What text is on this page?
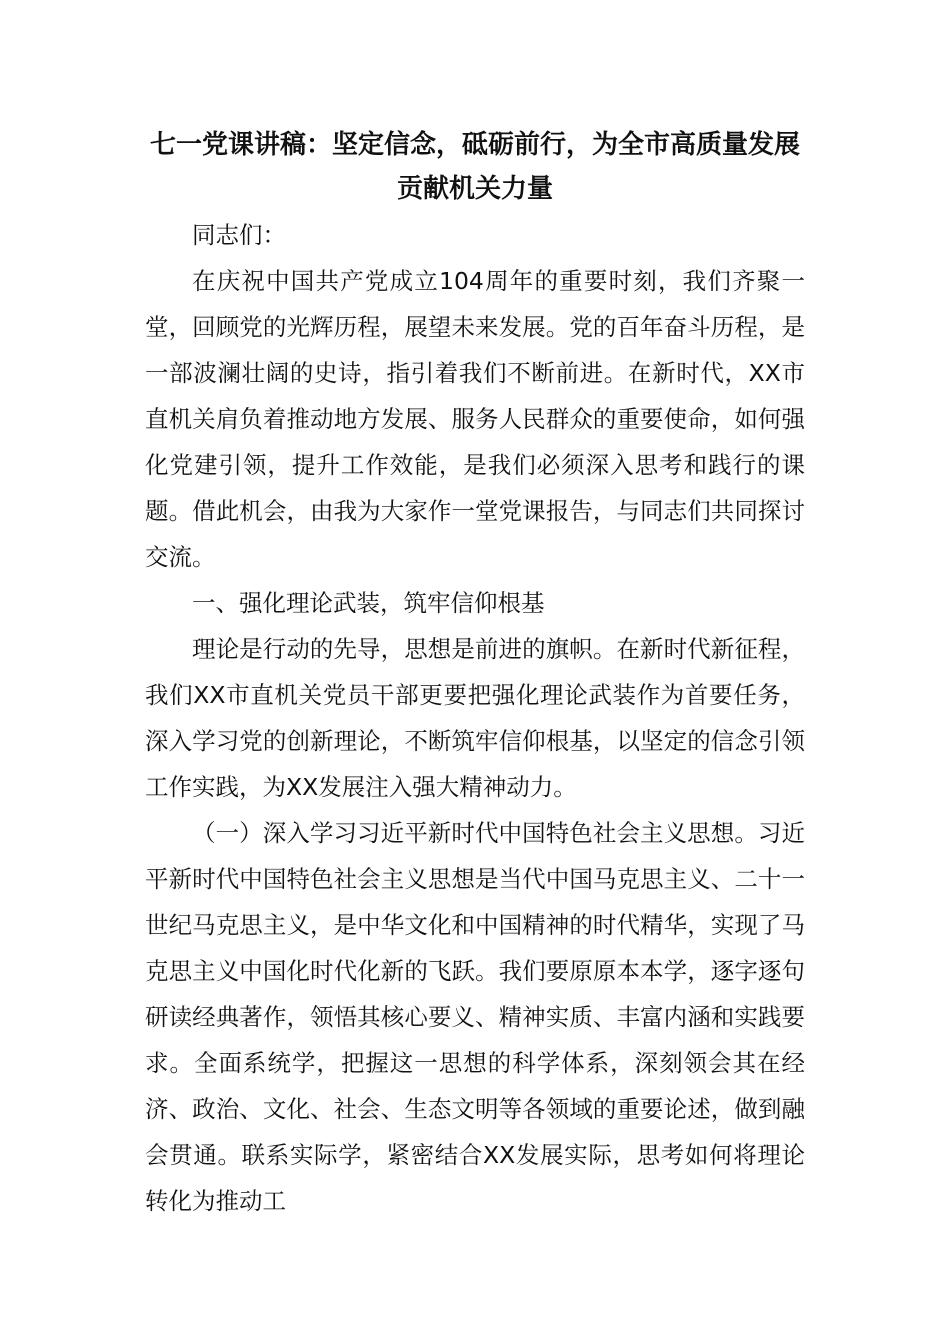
七一党课讲稿：坚定信念，砥砺前行，为全市高质量发展
贡献机关力量

同志们：

在庆祝中国共产党成立104周年的重要时刻，我们齐聚一堂，回顾党的光辉历程，展望未来发展。党的百年奋斗历程，是一部波澜壮阔的史诗，指引着我们不断前进。在新时代，XX市直机关肩负着推动地方发展、服务人民群众的重要使命，如何强化党建引领，提升工作效能，是我们必须深入思考和践行的课题。借此机会，由我为大家作一堂党课报告，与同志们共同探讨交流。

一、强化理论武装，筑牢信仰根基

理论是行动的先导，思想是前进的旗帜。在新时代新征程，我们XX市直机关党员干部更要把强化理论武装作为首要任务，深入学习党的创新理论，不断筑牢信仰根基，以坚定的信念引领工作实践，为XX发展注入强大精神动力。

（一）深入学习习近平新时代中国特色社会主义思想。习近平新时代中国特色社会主义思想是当代中国马克思主义、二十一世纪马克思主义，是中华文化和中国精神的时代精华，实现了马克思主义中国化时代化新的飞跃。我们要原原本本学，逐字逐句研读经典著作，领悟其核心要义、精神实质、丰富内涵和实践要求。全面系统学，把握这一思想的科学体系，深刻领会其在经济、政治、文化、社会、生态文明等各领域的重要论述，做到融会贯通。联系实际学，紧密结合XX发展实际，思考如何将理论转化为推动工
